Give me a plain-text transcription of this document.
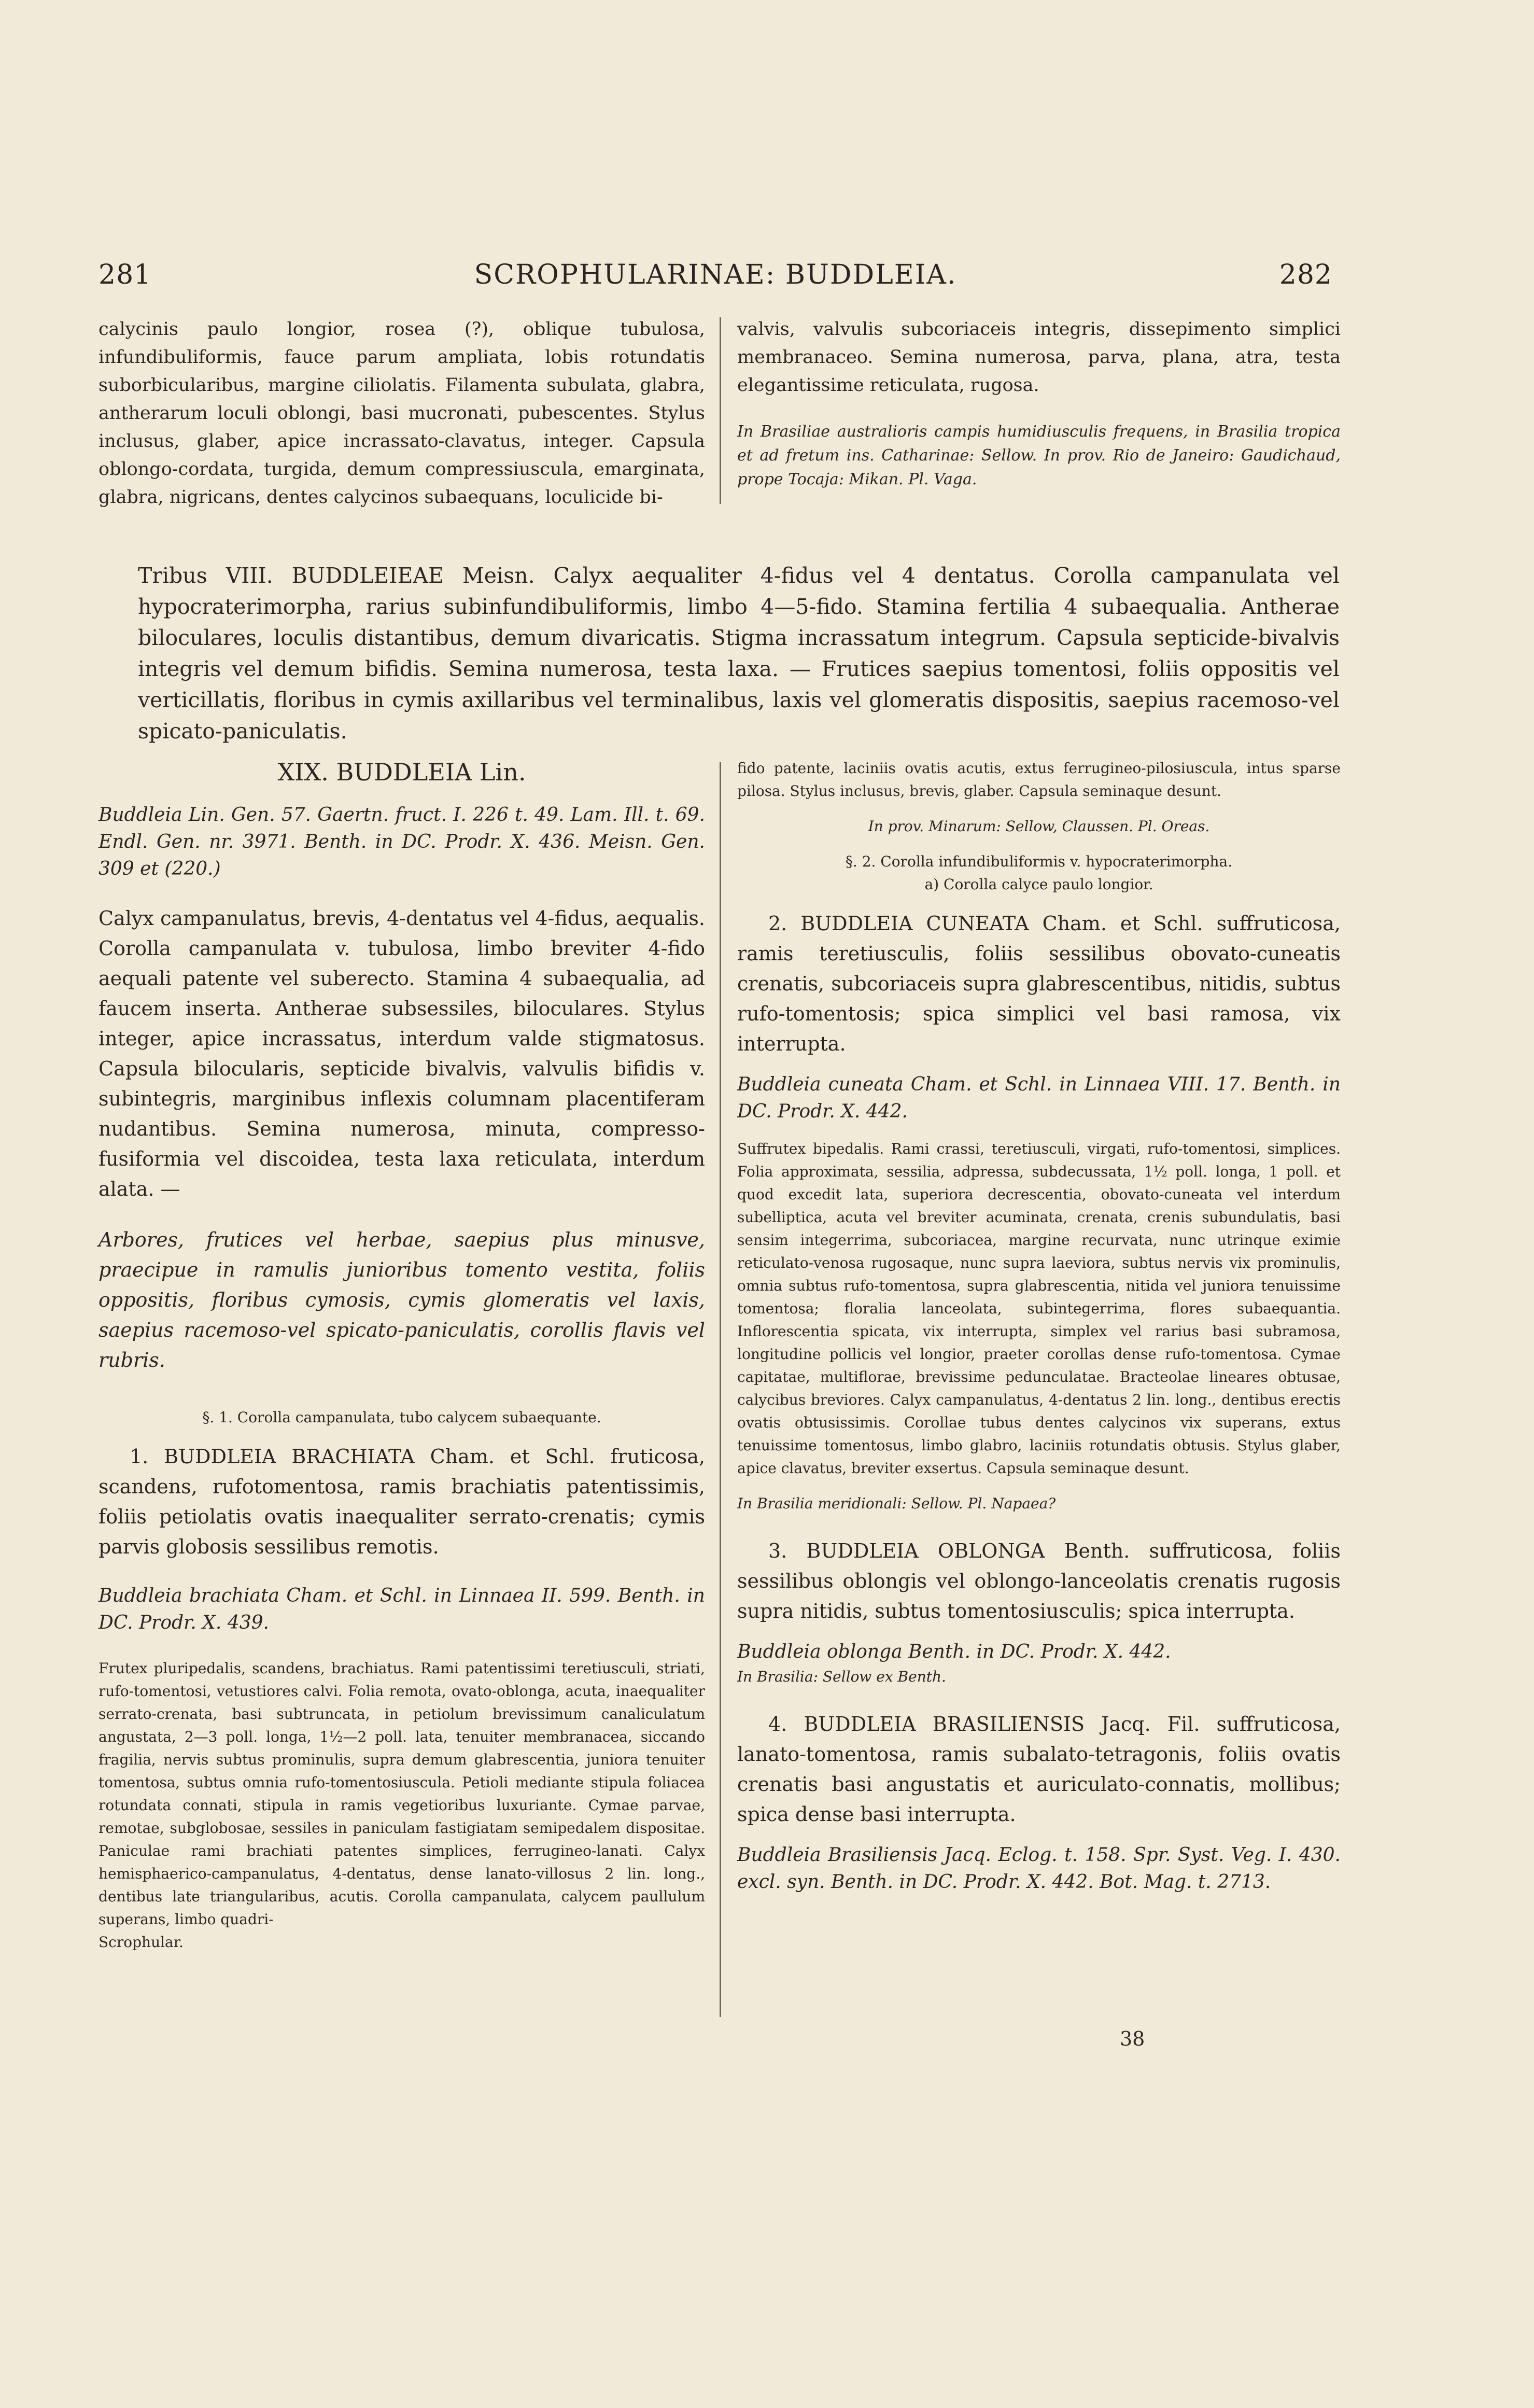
281	SCROPHULARINAE: BUDDLEIA.	282

calycinis paulo longior, rosea (?), oblique tubulosa, infundibuliformis, fauce parum ampliata, lobis rotundatis suborbicularibus, margine ciliolatis. Filamenta subulata, glabra, antherarum loculi oblongi, basi mucronati, pubescentes. Stylus inclusus, glaber, apice incrassato-clavatus, integer. Capsula oblongo-cordata, turgida, demum compressiuscula, emarginata, glabra, nigricans, dentes calycinos subaequans, loculicide bi-

valvis, valvulis subcoriaceis integris, dissepimento simplici membranaceo. Semina numerosa, parva, plana, atra, testa elegantissime reticulata, rugosa.

In Brasiliae australioris campis humidiusculis frequens, in Brasilia tropica et ad fretum ins. Catharinae: Sellow. In prov. Rio de Janeiro: Gaudichaud, prope Tocaja: Mikan. Pl. Vaga.

Tribus VIII. BUDDLEIEAE Meisn. Calyx aequaliter 4-fidus vel 4 dentatus. Corolla campanulata vel hypocraterimorpha, rarius subinfundibuliformis, limbo 4—5-fido. Stamina fertilia 4 subaequalia. Antherae biloculares, loculis distantibus, demum divaricatis. Stigma incrassatum integrum. Capsula septicide-bivalvis integris vel demum bifidis. Semina numerosa, testa laxa. — Frutices saepius tomentosi, foliis oppositis vel verticillatis, floribus in cymis axillaribus vel terminalibus, laxis vel glomeratis dispositis, saepius racemoso-vel spicato-paniculatis.

XIX. BUDDLEIA Lin.

Buddleia Lin. Gen. 57. Gaertn. fruct. I. 226 t. 49. Lam. Ill. t. 69. Endl. Gen. nr. 3971. Benth. in DC. Prodr. X. 436. Meisn. Gen. 309 et (220.)

Calyx campanulatus, brevis, 4-dentatus vel 4-fidus, aequalis. Corolla campanulata v. tubulosa, limbo breviter 4-fido aequali patente vel suberecto. Stamina 4 subaequalia, ad faucem inserta. Antherae subsessiles, biloculares. Stylus integer, apice incrassatus, interdum valde stigmatosus. Capsula bilocularis, septicide bivalvis, valvulis bifidis v. subintegris, marginibus inflexis columnam placentiferam nudantibus. Semina numerosa, minuta, compresso-fusiformia vel discoidea, testa laxa reticulata, interdum alata. —

Arbores, frutices vel herbae, saepius plus minusve, praecipue in ramulis junioribus tomento vestita, foliis oppositis, floribus cymosis, cymis glomeratis vel laxis, saepius racemoso-vel spicato-paniculatis, corollis flavis vel rubris.

§. 1. Corolla campanulata, tubo calycem subaequante.

1. BUDDLEIA BRACHIATA Cham. et Schl. fruticosa, scandens, rufotomentosa, ramis brachiatis patentissimis, foliis petiolatis ovatis inaequaliter serrato-crenatis; cymis parvis globosis sessilibus remotis.

Buddleia brachiata Cham. et Schl. in Linnaea II. 599. Benth. in DC. Prodr. X. 439.

Frutex pluripedalis, scandens, brachiatus. Rami patentissimi teretiusculi, striati, rufo-tomentosi, vetustiores calvi. Folia remota, ovato-oblonga, acuta, inaequaliter serrato-crenata, basi subtruncata, in petiolum brevissimum canaliculatum angustata, 2—3 poll. longa, 1½—2 poll. lata, tenuiter membranacea, siccando fragilia, nervis subtus prominulis, supra demum glabrescentia, juniora tenuiter tomentosa, subtus omnia rufo-tomentosiuscula. Petioli mediante stipula foliacea rotundata connati, stipula in ramis vegetioribus luxuriante. Cymae parvae, remotae, subglobosae, sessiles in paniculam fastigiatam semipedalem dispositae. Paniculae rami brachiati patentes simplices, ferrugineo-lanati. Calyx hemisphaerico-campanulatus, 4-dentatus, dense lanato-villosus 2 lin. long., dentibus late triangularibus, acutis. Corolla campanulata, calycem paullulum superans, limbo quadri-

Scrophular.

fido patente, laciniis ovatis acutis, extus ferrugineo-pilosiuscula, intus sparse pilosa. Stylus inclusus, brevis, glaber. Capsula seminaque desunt.

In prov. Minarum: Sellow, Claussen. Pl. Oreas.

§. 2. Corolla infundibuliformis v. hypocraterimorpha.

a) Corolla calyce paulo longior.

2. BUDDLEIA CUNEATA Cham. et Schl. suffruticosa, ramis teretiusculis, foliis sessilibus obovato-cuneatis crenatis, subcoriaceis supra glabrescentibus, nitidis, subtus rufo-tomentosis; spica simplici vel basi ramosa, vix interrupta.

Buddleia cuneata Cham. et Schl. in Linnaea VIII. 17. Benth. in DC. Prodr. X. 442.

Suffrutex bipedalis. Rami crassi, teretiusculi, virgati, rufo-tomentosi, simplices. Folia approximata, sessilia, adpressa, subdecussata, 1½ poll. longa, 1 poll. et quod excedit lata, superiora decrescentia, obovato-cuneata vel interdum subelliptica, acuta vel breviter acuminata, crenata, crenis subundulatis, basi sensim integerrima, subcoriacea, margine recurvata, nunc utrinque eximie reticulato-venosa rugosaque, nunc supra laeviora, subtus nervis vix prominulis, omnia subtus rufo-tomentosa, supra glabrescentia, nitida vel juniora tenuissime tomentosa; floralia lanceolata, subintegerrima, flores subaequantia. Inflorescentia spicata, vix interrupta, simplex vel rarius basi subramosa, longitudine pollicis vel longior, praeter corollas dense rufo-tomentosa. Cymae capitatae, multiflorae, brevissime pedunculatae. Bracteolae lineares obtusae, calycibus breviores. Calyx campanulatus, 4-dentatus 2 lin. long., dentibus erectis ovatis obtusissimis. Corollae tubus dentes calycinos vix superans, extus tenuissime tomentosus, limbo glabro, laciniis rotundatis obtusis. Stylus glaber, apice clavatus, breviter exsertus. Capsula seminaque desunt.

In Brasilia meridionali: Sellow. Pl. Napaea?

3. BUDDLEIA OBLONGA Benth. suffruticosa, foliis sessilibus oblongis vel oblongo-lanceolatis crenatis rugosis supra nitidis, subtus tomentosiusculis; spica interrupta.

Buddleia oblonga Benth. in DC. Prodr. X. 442.

In Brasilia: Sellow ex Benth.

4. BUDDLEIA BRASILIENSIS Jacq. Fil. suffruticosa, lanato-tomentosa, ramis subalato-tetragonis, foliis ovatis crenatis basi angustatis et auriculato-connatis, mollibus; spica dense basi interrupta.

Buddleia Brasiliensis Jacq. Eclog. t. 158. Spr. Syst. Veg. I. 430. excl. syn. Benth. in DC. Prodr. X. 442. Bot. Mag. t. 2713.

38
